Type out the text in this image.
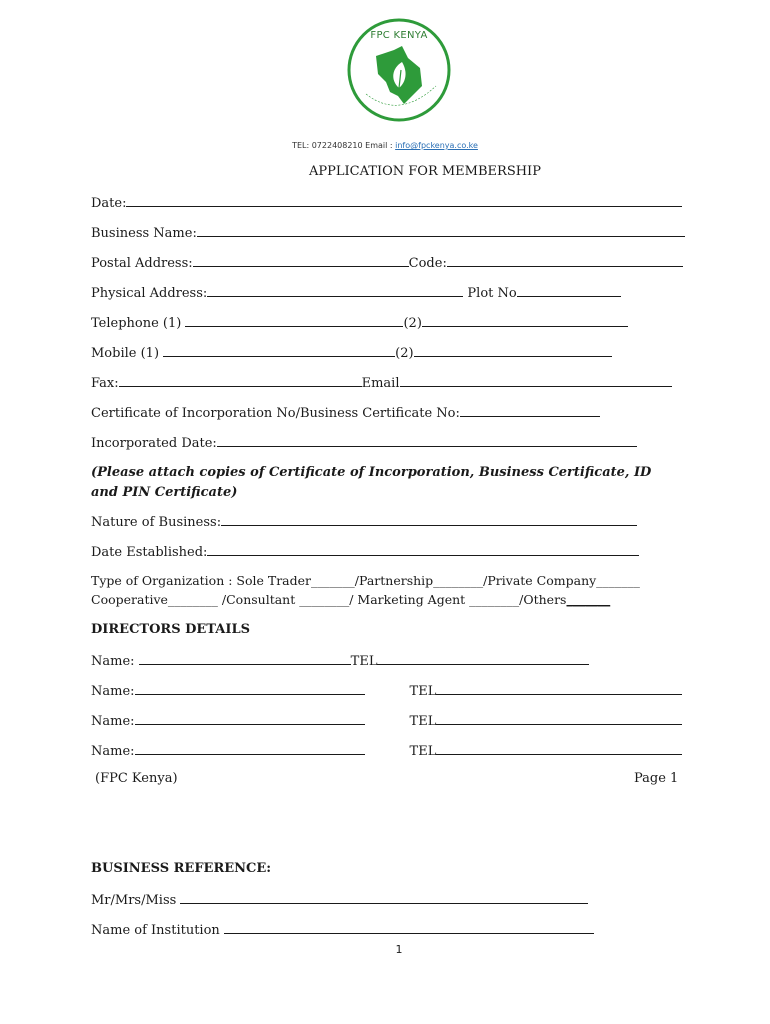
FPC KENYA
TEL: 0722408210 Email : info@fpckenya.co.ke
APPLICATION FOR MEMBERSHIP
Date:
Business Name:
Postal Address:	Code:
Physical Address:	Plot No
Telephone (1)	(2)
Mobile (1)	(2)
Fax:	Email
Certificate of Incorporation No/Business Certificate No:
Incorporated Date:
(Please attach copies of Certificate of Incorporation, Business Certificate, ID and PIN Certificate)
Nature of Business:
Date Established:
Type of Organization : Sole Trader_______/Partnership________/Private Company_______
Cooperative________ /Consultant ________/ Marketing Agent ________/Others_______
DIRECTORS DETAILS
Name:	TEL
Name:	TEL
Name:	TEL
Name:	TEL
(FPC Kenya)	Page 1
BUSINESS REFERENCE:
Mr/Mrs/Miss
Name of Institution
1
